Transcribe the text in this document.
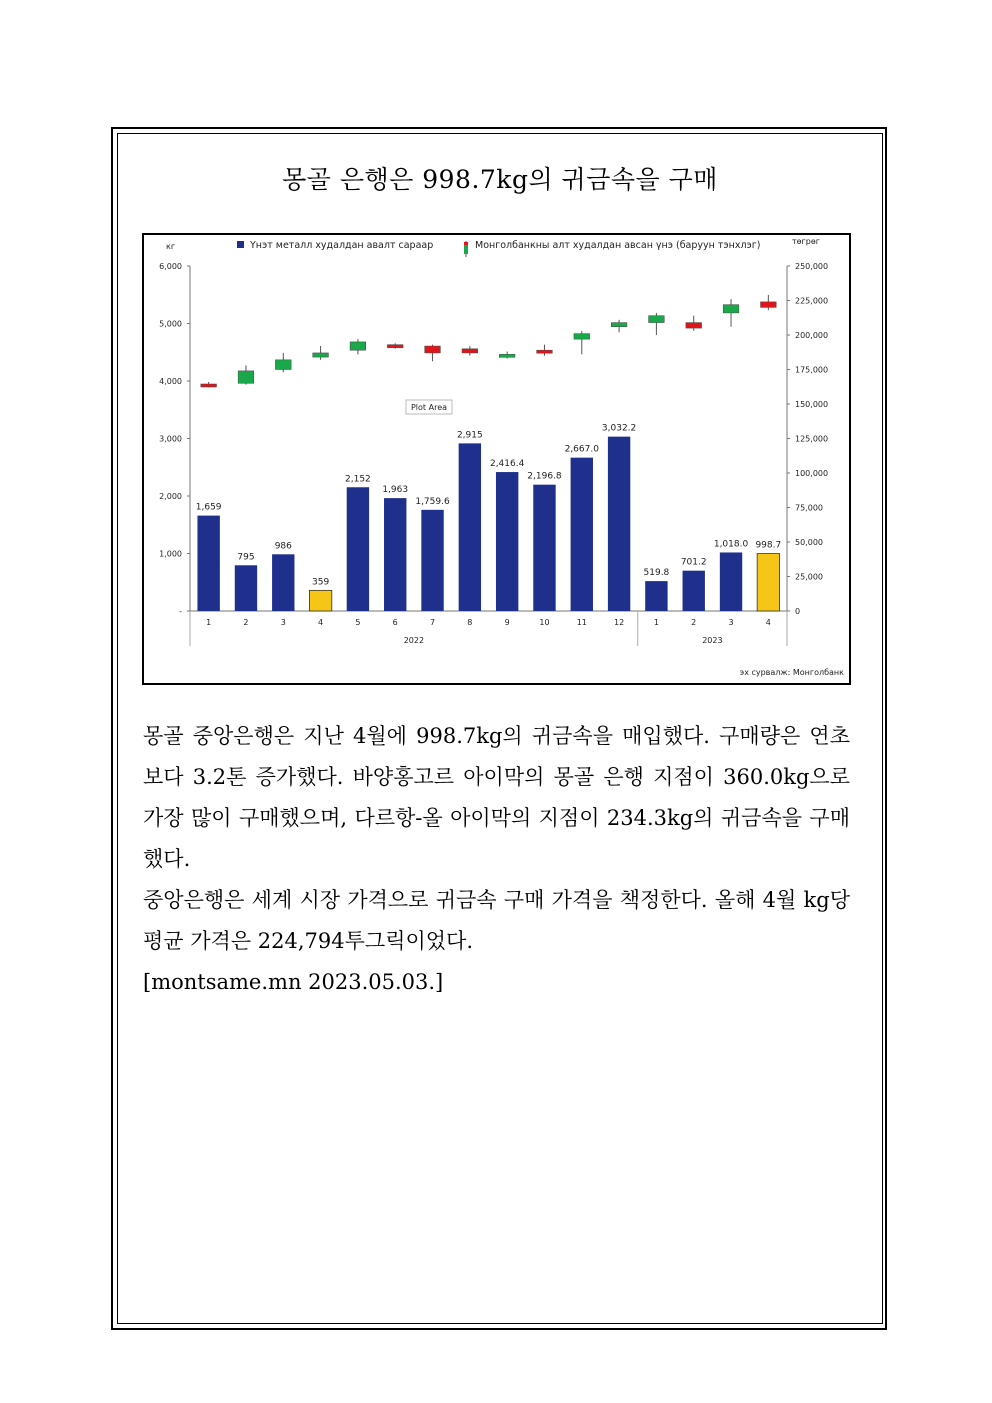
몽골 은행은 998.7kg의 귀금속을 구매
кг
төгрөг
-
1,000
2,000
3,000
4,000
5,000
6,000
0
25,000
50,000
75,000
100,000
125,000
150,000
175,000
200,000
225,000
250,000
Plot Area
1,659
1
795
2
986
3
359
4
2,152
5
1,963
6
1,759.6
7
2,915
8
2,416.4
9
2,196.8
10
2,667.0
11
3,032.2
12
519.8
1
701.2
2
1,018.0
3
998.7
4
2022	2023
Үнэт металл худалдан авалт сараар	Монголбанкны алт худалдан авсан үнэ (баруун тэнхлэг)
эх сурвалж: Монголбанк

몽골 중앙은행은 지난 4월에 998.7kg의 귀금속을 매입했다. 구매량은 연초보다 3.2톤 증가했다. 바양홍고르 아이막의 몽골 은행 지점이 360.0kg으로 가장 많이 구매했으며, 다르항-올 아이막의 지점이 234.3kg의 귀금속을 구매했다.

중앙은행은 세계 시장 가격으로 귀금속 구매 가격을 책정한다. 올해 4월 kg당 평균 가격은 224,794투그릭이었다.

[montsame.mn 2023.05.03.]
